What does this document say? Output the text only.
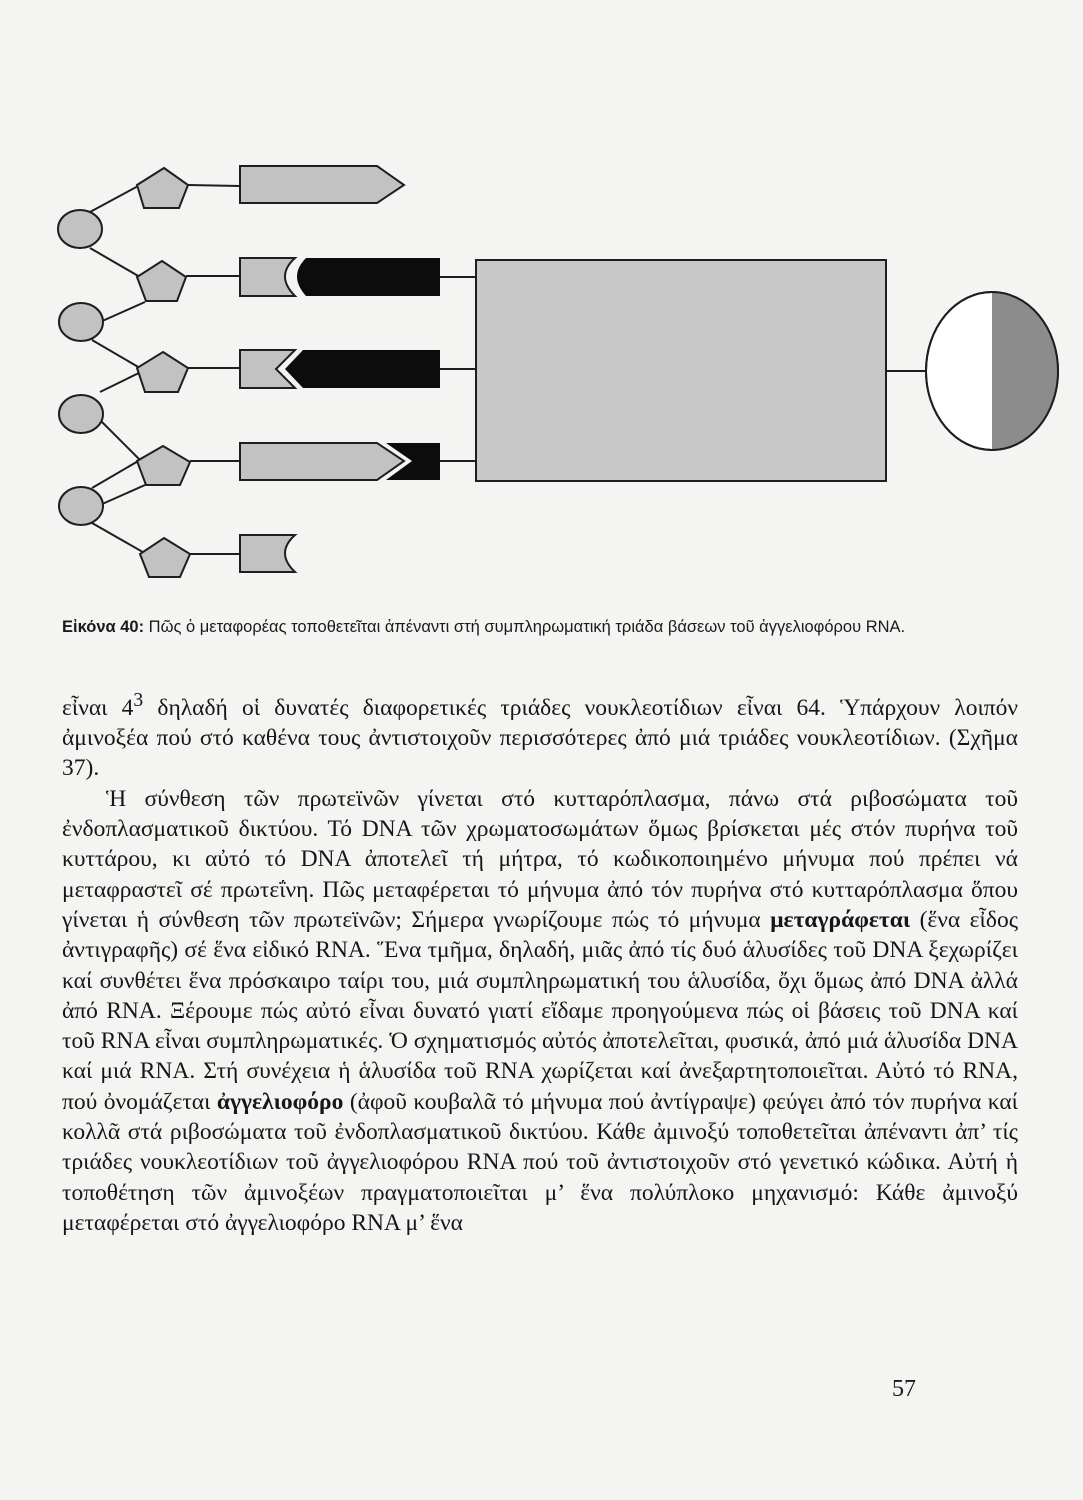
Εἰκόνα 40: Πῶς ὁ μεταφορέας τοποθετεῖται ἀπέναντι στή συμπληρωματική τριάδα βάσεων τοῦ ἀγγελιοφόρου RNA.

εἶναι $4^3$ δηλαδή οἱ δυνατές διαφορετικές τριάδες νουκλεοτίδιων εἶναι 64. Ὑπάρχουν λοιπόν ἀμινοξέα πού στό καθένα τους ἀντιστοιχοῦν περισσότερες ἀπό μιά τριάδες νουκλεοτίδιων. (Σχῆμα 37).

Ἡ σύνθεση τῶν πρωτεϊνῶν γίνεται στό κυτταρόπλασμα, πάνω στά ριβοσώματα τοῦ ἐνδοπλασματικοῦ δικτύου. Τό DNA τῶν χρωματοσωμάτων ὅμως βρίσκεται μές στόν πυρήνα τοῦ κυττάρου, κι αὐτό τό DNA ἀποτελεῖ τή μήτρα, τό κωδικοποιημένο μήνυμα πού πρέπει νά μεταφραστεῖ σέ πρωτεΐνη. Πῶς μεταφέρεται τό μήνυμα ἀπό τόν πυρήνα στό κυτταρόπλασμα ὅπου γίνεται ἡ σύνθεση τῶν πρωτεϊνῶν; Σήμερα γνωρίζουμε πώς τό μήνυμα μεταγράφεται (ἕνα εἶδος ἀντιγραφῆς) σέ ἕνα εἰδικό RNA. Ἕνα τμῆμα, δηλαδή, μιᾶς ἀπό τίς δυό ἁλυσίδες τοῦ DNA ξεχωρίζει καί συνθέτει ἕνα πρόσκαιρο ταίρι του, μιά συμπληρωματική του ἁλυσίδα, ὄχι ὅμως ἀπό DNA ἀλλά ἀπό RNA. Ξέρουμε πώς αὐτό εἶναι δυνατό γιατί εἴδαμε προηγούμενα πώς οἱ βάσεις τοῦ DNA καί τοῦ RNA εἶναι συμπληρωματικές. Ὁ σχηματισμός αὐτός ἀποτελεῖται, φυσικά, ἀπό μιά ἁλυσίδα DNA καί μιά RNA. Στή συνέχεια ἡ ἁλυσίδα τοῦ RNA χωρίζεται καί ἀνεξαρτητοποιεῖται. Αὐτό τό RNA, πού ὀνομάζεται ἀγγελιοφόρο (ἀφοῦ κουβαλᾶ τό μήνυμα πού ἀντίγραψε) φεύγει ἀπό τόν πυρήνα καί κολλᾶ στά ριβοσώματα τοῦ ἐνδοπλασματικοῦ δικτύου. Κάθε ἀμινοξύ τοποθετεῖται ἀπέναντι ἀπ’ τίς τριάδες νουκλεοτίδιων τοῦ ἀγγελιοφόρου RNA πού τοῦ ἀντιστοιχοῦν στό γενετικό κώδικα. Αὐτή ἡ τοποθέτηση τῶν ἀμινοξέων πραγματοποιεῖται μ’ ἕνα πολύπλοκο μηχανισμό: Κάθε ἀμινοξύ μεταφέρεται στό ἀγγελιοφόρο RNA μ’ ἕνα

57
